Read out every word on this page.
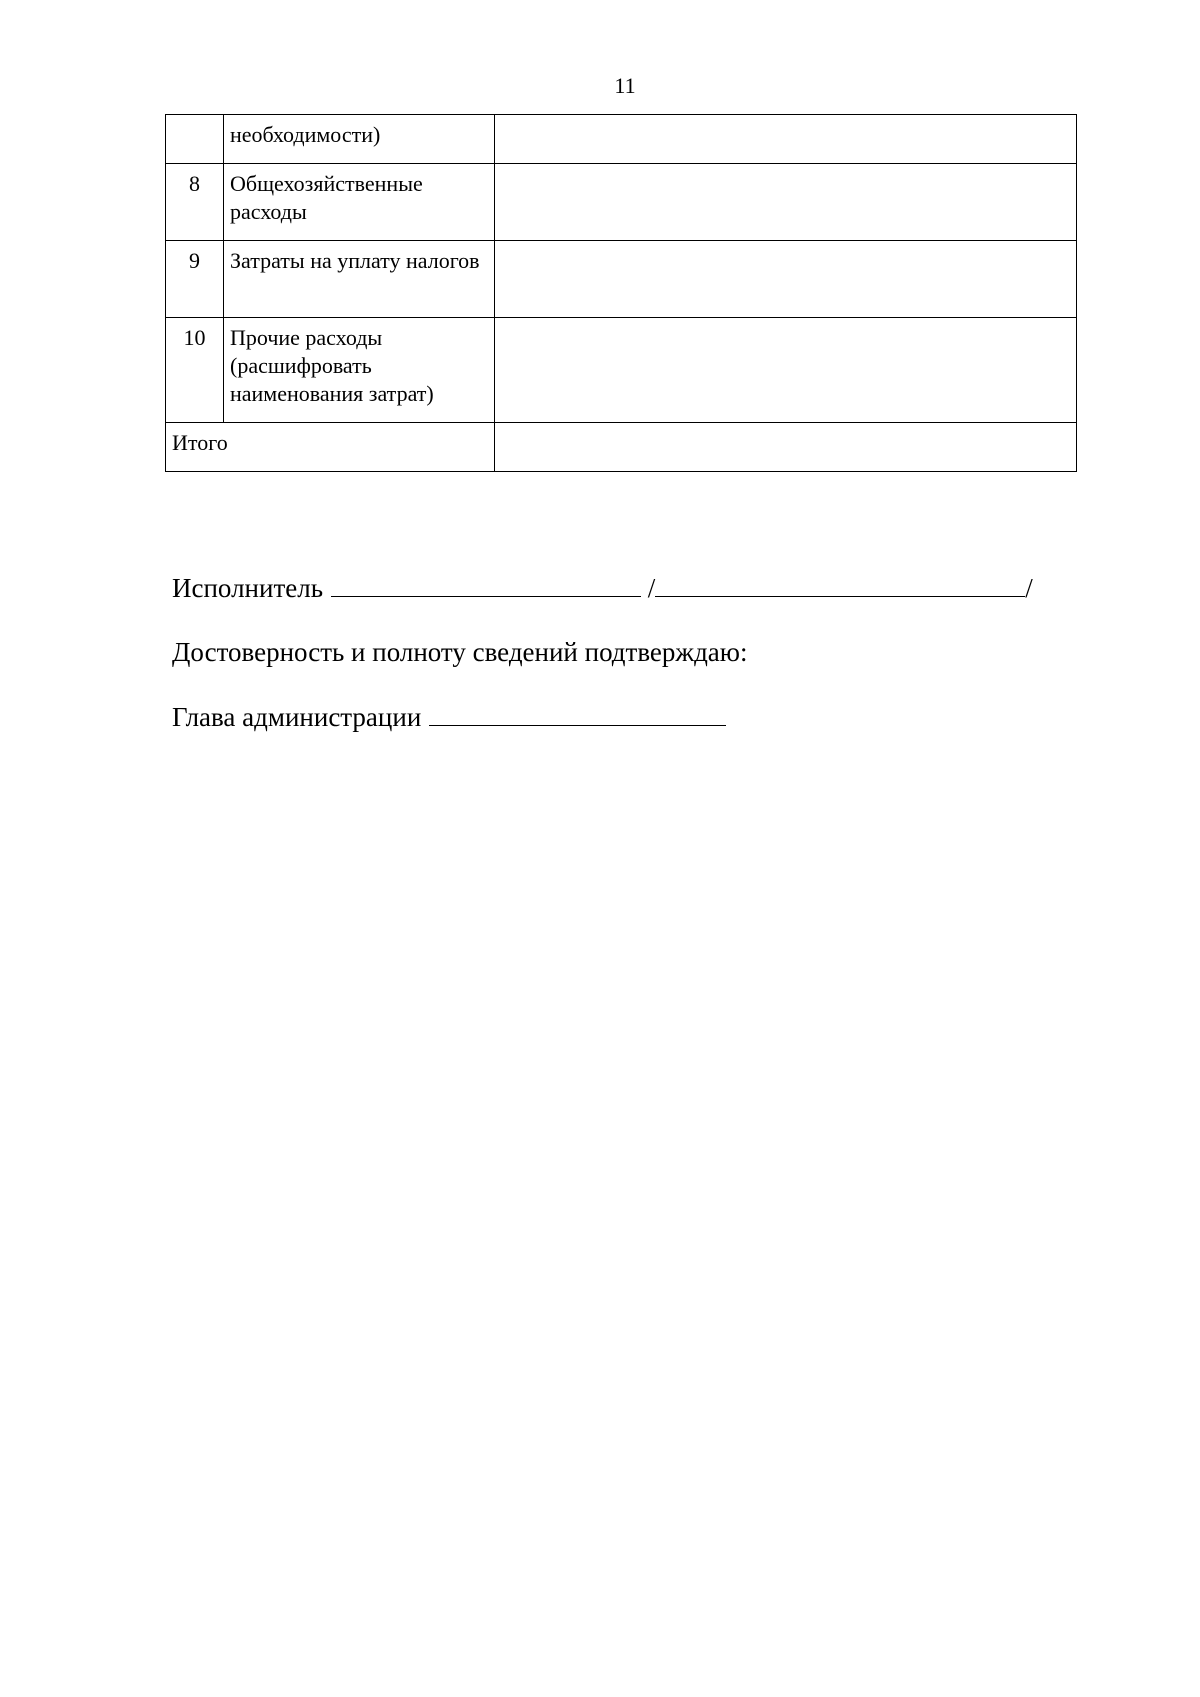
11
	необходимости)	
8	Общехозяйственные расходы	
9	Затраты на уплату налогов	
10	Прочие расходы (расшифровать наименования затрат)	
Итого		
Исполнитель	/	/
Достоверность и полноту сведений подтверждаю:
Глава администрации
